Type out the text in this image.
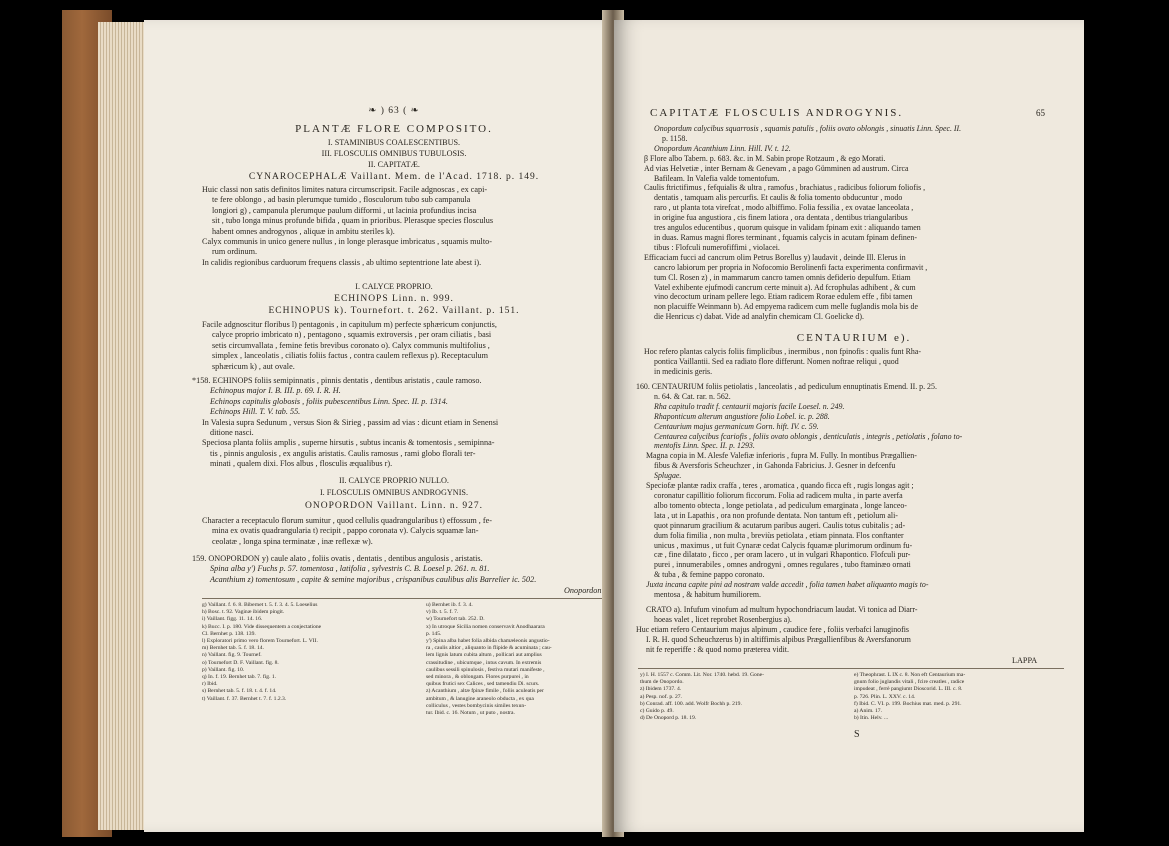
❧ ) 63 ( ❧
PLANTÆ FLORE COMPOSITO.
I. STAMINIBUS COALESCENTIBUS.
III. FLOSCULIS OMNIBUS TUBULOSIS.
II. CAPITATÆ.
CYNAROCEPHALÆ Vaillant. Mem. de l'Acad. 1718. p. 149.
Huic classi non satis definitos limites natura circumscripsit. Facile adgnoscas , ex capi-
te fere oblongo , ad basin plerumque tumido , flosculorum tubo sub campanula
longiori g) , campanula plerumque paulum difformi , ut lacinia profundius incisa
sit , tubo longa minus profunde bifida , quam in prioribus. Plerasque species flosculus
habent omnes androgynos , aliquæ in ambitu steriles k).
Calyx communis in unico genere nullus , in longe plerasque imbricatus , squamis multo-
rum ordinum.
In calidis regionibus carduorum frequens classis , ab ultimo septentrione late abest i).
I. CALYCE PROPRIO.
ECHINOPS Linn. n. 999.
ECHINOPUS k). Tournefort. t. 262. Vaillant. p. 151.
Facile adgnoscitur floribus l) pentagonis , in capitulum m) perfecte sphæricum conjunctis,
calyce proprio imbricato n) , pentagono , squamis extroversis , per oram ciliatis , basi
setis circumvallata , femine fetis brevibus coronato o). Calyx communis multifolius ,
simplex , lanceolatis , ciliatis foliis factus , contra caulem reflexus p). Receptaculum
sphæricum k) , aut ovale.
*158. ECHINOPS foliis semipinnatis , pinnis dentatis , dentibus aristatis , caule ramoso.
Echinopus major I. B. III. p. 69. I. R. H.
Echinops capitulis globosis , foliis pubescentibus Linn. Spec. II. p. 1314.
Echinops Hill. T. V. tab. 55.
In Valesia supra Sedunum , versus Sion & Sirieg , passim ad vias : dicunt etiam in Senensi
ditione nasci.
Speciosa planta foliis amplis , superne hirsutis , subtus incanis & tomentosis , semipinna-
tis , pinnis angulosis , ex angulis aristatis. Caulis ramosus , rami globo florali ter-
minati , qualem dixi. Flos albus , flosculis æqualibus r).
II. CALYCE PROPRIO NULLO.
I. FLOSCULIS OMNIBUS ANDROGYNIS.
ONOPORDON Vaillant. Linn. n. 927.
Character a receptaculo florum sumitur , quod cellulis quadrangularibus t) effossum , fe-
mina ex ovatis quadrangularia t) recipit , pappo coronata v). Calycis squamæ lan-
ceolatæ , longa spina terminatæ , inæ reflexæ w).
159. ONOPORDON y) caule alato , foliis ovatis , dentatis , dentibus angulosis , aristatis.
Spina alba y') Fuchs p. 57. tomentosa , latifolia , sylvestris C. B. Loesel p. 261. n. 81.
Acanthium z) tomentosum , capite & semine majoribus , crispanibus caulibus alis Barrelier ic. 502.
Onopordon
g) Vaillant. f. 6. 8. Bibernet t. 5. f. 3. 4. 5. Loeselius
h) Bosc. t. 92. Vaginæ ibidem pingit.
i) Vaillant. figg. 11. 14. 16.
k) Bucc. I. p. 180. Vide dissequentem a conjectatione
Cl. Bernhet p. 138. 139.
l) Exploratori primo vero florem Tournefort. L. VII.
m) Bernhet tab. 5. f. 18. 14.
n) Vaillant. fig. 9. Tournef.
o) Tournefort D. F. Vaillant. fig. 8.
p) Vaillant. fig. 10.
q) In. f. 19. Bernhet tab. 7. fig. 1.
r) Ibid.
s) Bernhet tab. 5. f. 18. t. 4. f. 14.
t) Vaillant. f. 37. Bernhet t. 7. f. 1.2.3.
u) Bernhet ib. f. 3. 4.
v) Ib. t. 5. f. 7.
w) Tournefort tab. 252. D.
x) In utroque Sicilia nomen conservavit Anodhaarara
p. 145.
y') Spina alba habet folia albida chamæleonis angustio-
ra , caulis altior , aliquanto in flipide & acuminata ; cau-
lem lignis latum cubita altum , pollicari aut amplius
crassitudine , ubicumque , intus cavum. In extremis
caulibus sessili spinulosis , festiva mutari manifeste ,
sed minora , & oblongam. Flores purpurei , in
quibus frutici sex Calices , sed tamendiu Di. scurs.
z) Acanthium , altæ fpinæ fimile , foliis aculeatis per
ambitum , & lanugine araneolo obducta , ex qua
colliculus , vestes bombycinis similes texun-
tur. Ibid. c. 16. Notum , ut puto , nostra.
CAPITATÆ FLOSCULIS ANDROGYNIS.	65
Onopordum calycibus squarrosis , squamis patulis , foliis ovato oblongis , sinuatis Linn. Spec. II.
p. 1158.
Onopordum Acanthium Linn. Hill. IV. t. 12.
β Flore albo Tabern. p. 683. &c. in M. Sabin prope Rotzaum , & ego Morati.
Ad vias Helvetiæ , inter Bernam & Genevam , a pago Gümminen ad austrum. Circa
Bafileam. In Valefia valde tomentofum.
Caulis ftrictifimus , fefquialis & ultra , ramofus , brachiatus , radicibus foliorum foliofis ,
dentatis , tamquam alis percurfis. Et caulis & folia tomento obducuntur , modo
raro , ut planta tota virefcat , modo albiffimo. Folia fessilia , ex ovatae lanceolata ,
in origine fua angustiora , cis finem latiora , ora dentata , dentibus triangularibus
tres angulos educentibus , quorum quisque in validam fpinam exit : aliquando tamen
in duas. Ramus magni flores terminant , fquamis calycis in acutam fpinam definen-
tibus : Flofculi numerofiffimi , violacei.
Efficaciam fucci ad cancrum olim Petrus Borellus y) laudavit , deinde Ill. Elerus in
cancro labiorum per propria in Nofocomio Berolinenfi facta experimenta confirmavit ,
tum Cl. Rosen z) , in mammarum cancro tamen omnis defiderio depulfum. Etiam
Vatel exhibente ejufmodi cancrum certe minuit a). Ad fcrophulas adhibent , & cum
vino decoctum urinam pellere lego. Etiam radicem Rorae edulem effe , fibi tamen
non placuiffe Weinmann b). Ad empyema radicem cum melle fuglandis mola bis de
die Henricus c) dabat. Vide ad analyfin chemicam Cl. Goelicke d).
CENTAURIUM e).
Hoc refero plantas calycis foliis fimplicibus , inermibus , non fpinofis : qualis funt Rha-
pontica Vaillantii. Sed ea radiato flore differunt. Nomen noftrae reliqui , quod
in medicinis geris.
160. CENTAURIUM foliis petiolatis , lanceolatis , ad pediculum ennuptinatis Emend. II. p. 25.
n. 64. & Cat. rar. n. 562.
Rha capitulo tradit f. centaurii majoris facile Loesel. n. 249.
Rhaponticum alterum angustiore folio Lobel. ic. p. 288.
Centaurium majus germanicum Gorn. hift. IV. c. 59.
Centaurea calycibus fcariofis , foliis ovato oblongis , denticulatis , integris , petiolatis , folano to-
mentofis Linn. Spec. II. p. 1293.
Magna copia in M. Alesfe Valefiæ inferioris , fupra M. Fully. In montibus Prægallien-
fibus & Aversforis Scheuchzer , in Gahonda Fabricius. J. Gesner in defcenfu
Splugae.
Speciofæ plantæ radix craffa , teres , aromatica , quando ficca eft , rugis longas agit ;
coronatur capillitio foliorum ficcorum. Folia ad radicem multa , in parte averfa
albo tomento obtecta , longe petiolata , ad pediculum emarginata , longe lanceo-
lata , ut in Lapathis , ora non profunde dentata. Non tantum eft , petiolum ali-
quot pinnarum gracilium & acutarum paribus augeri. Caulis totus cubitalis ; ad-
dum folia fimilia , non multa , breviùs petiolata , etiam pinnata. Flos conftanter
unicus , maximus , ut fuit Cynaræ cedat Calycis fquamæ plurimorum ordinum fu-
cæ , fine dilatato , ficco , per oram lacero , ut in vulgari Rhapontico. Flofculi pur-
purei , innumerabiles , omnes androgyni , omnes regulares , tubo ftaminæo ornati
& tuba , & femine pappo coronato.
Juxta incana capite pini ad nostram valde accedit , folia tamen habet aliquanto magis to-
mentosa , & habitum humiliorem.
CRATO a). Infufum vinofum ad multum hypochondriacum laudat. Vi tonica ad Diarr-
hoeas valet , licet reprobet Rosenbergius a).
Huc etiam refero Centaurium majus alpinum , caudice fere , foliis verbafci lanuginofis
I. R. H. quod Scheuchzerus b) in altiffimis alpibus Prægallienfibus & Aversfanorum
nit fe reperiffe : & quod nomo præterea vidit.
LAPPA
y) I. H. 1557 c. Comm. Lit. Nor. 1740. hebd. 19. Gone-
thum de Onopordo.
z) Ibidem 1737. 4.
a) Pesp. nof. p. 27.
b) Conrad. aff. 100. add. Wolfr Bochh p. 219.
c) Guido p. 49.
d) De Onopord p. 18. 19.
e) Theophrast. L IX c. 8. Non eft Centaurium ma-
gnum folio juglandis vitali , fcire creatles , radice
impudeat , ferrè pangiumt Dioscorid. L. III. c. 8.
p. 726. Plin. L. XXV. c. 14.
f) Ibid. C. VI. p. 199. Bochius mat. med. p. 291.
a) Anim. 17.
b) Itin. Helv. ...
S
